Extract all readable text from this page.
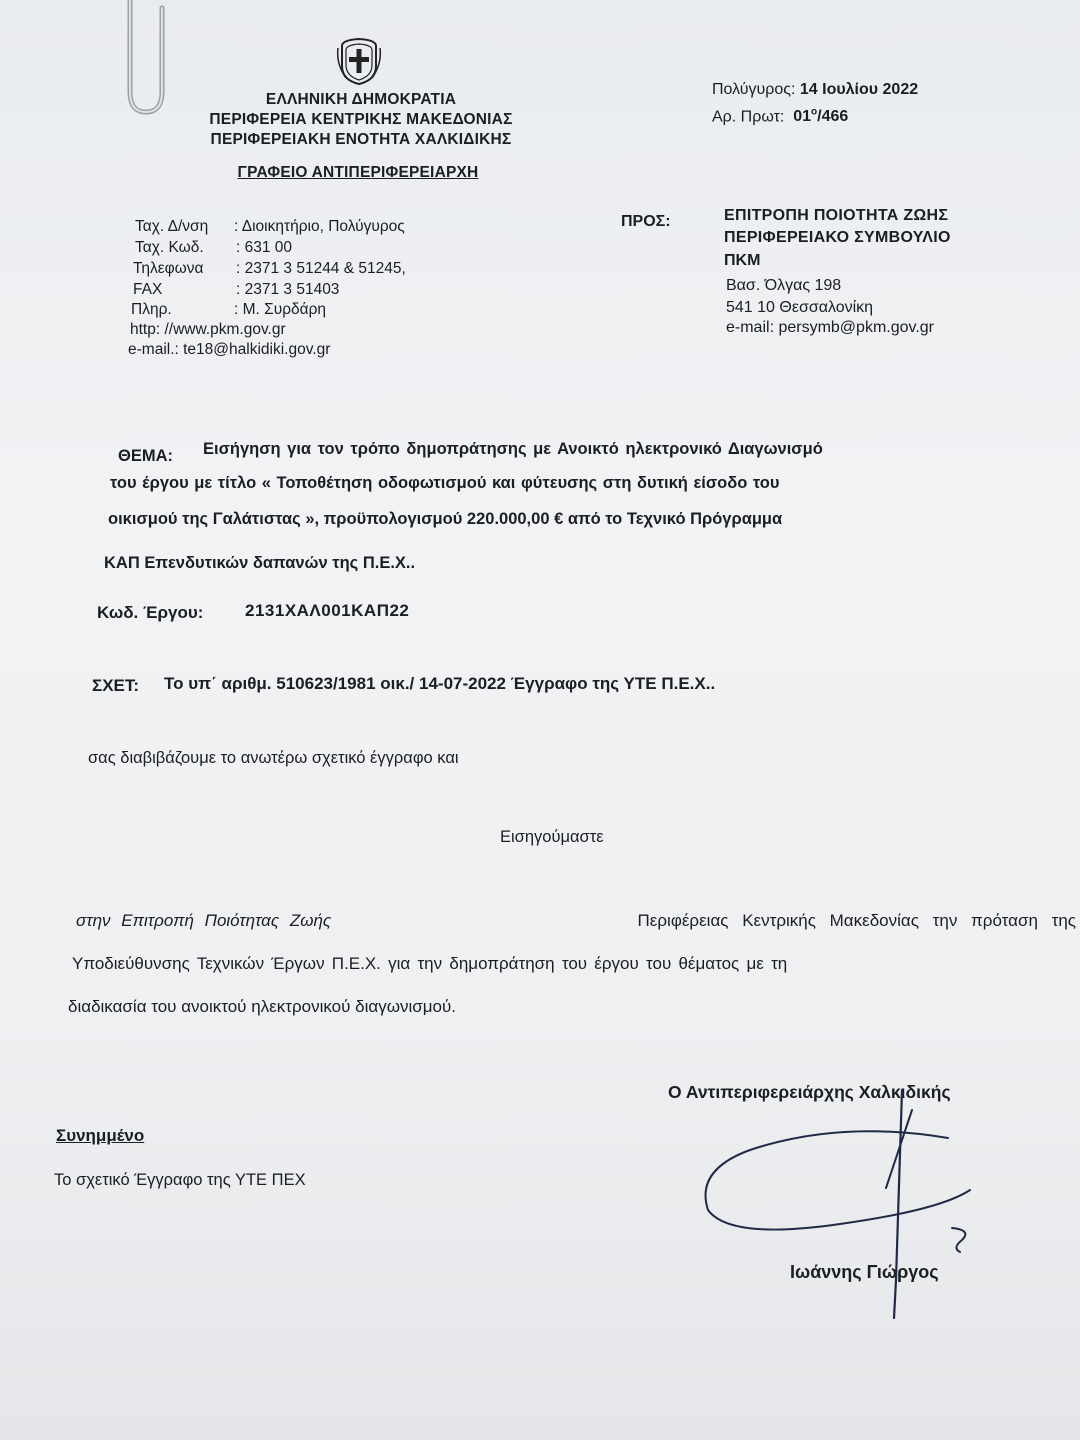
ΕΛΛΗΝΙΚΗ ΔΗΜΟΚΡΑΤΙΑ
ΠΕΡΙΦΕΡΕΙΑ ΚΕΝΤΡΙΚΗΣ ΜΑΚΕΔΟΝΙΑΣ
ΠΕΡΙΦΕΡΕΙΑΚΗ ΕΝΟΤΗΤΑ ΧΑΛΚΙΔΙΚΗΣ
ΓΡΑΦΕΙΟ ΑΝΤΙΠΕΡΙΦΕΡΕΙΑΡΧΗ
Πολύγυρος: 14 Ιουλίου 2022
Αρ. Πρωτ: $01^o/466$
Ταχ. Δ/νση : Διοικητήριο, Πολύγυρος
Ταχ. Κωδ. : 631 00
Τηλεφωνα : 2371 3 51244 & 51245,
FAX	: 2371 3 51403
Πληρ.	: Μ. Συρδάρη
http: //www.pkm.gov.gr
e-mail.: te18@halkidiki.gov.gr
ΠΡΟΣ:	ΕΠΙΤΡΟΠΗ ΠΟΙΟΤΗΤΑ ΖΩΗΣ
ΠΕΡΙΦΕΡΕΙΑΚΟ ΣΥΜΒΟΥΛΙΟ
ΠΚΜ
Βασ. Όλγας 198
541 10 Θεσσαλονίκη
e-mail: persymb@pkm.gov.gr
ΘΕΜΑ: Εισήγηση για τον τρόπο δημοπράτησης με Ανοικτό ηλεκτρονικό Διαγωνισμό
του έργου με τίτλο « Τοποθέτηση οδοφωτισμού και φύτευσης στη δυτική είσοδο του
οικισμού της Γαλάτιστας », προϋπολογισμού 220.000,00 € από το Τεχνικό Πρόγραμμα
ΚΑΠ Επενδυτικών δαπανών της Π.Ε.Χ..
Κωδ. Έργου: 2131ΧΑΛ001ΚΑΠ22
ΣΧΕΤ: Το υπ΄ αριθμ. 510623/1981 οικ./ 14-07-2022 Έγγραφο της ΥΤΕ Π.Ε.Χ..
σας διαβιβάζουμε το ανωτέρω σχετικό έγγραφο και
Εισηγούμαστε
στην Επιτροπή Ποιότητας Ζωής	Περιφέρειας Κεντρικής Μακεδονίας την πρόταση της
Υποδιεύθυνσης Τεχνικών Έργων Π.Ε.Χ. για την δημοπράτηση του έργου του θέματος με τη
διαδικασία του ανοικτού ηλεκτρονικού διαγωνισμού.
Συνημμένο
Το σχετικό Έγγραφο της ΥΤΕ ΠΕΧ
Ο Αντιπεριφερειάρχης Χαλκιδικής
Ιωάννης Γιώργος
